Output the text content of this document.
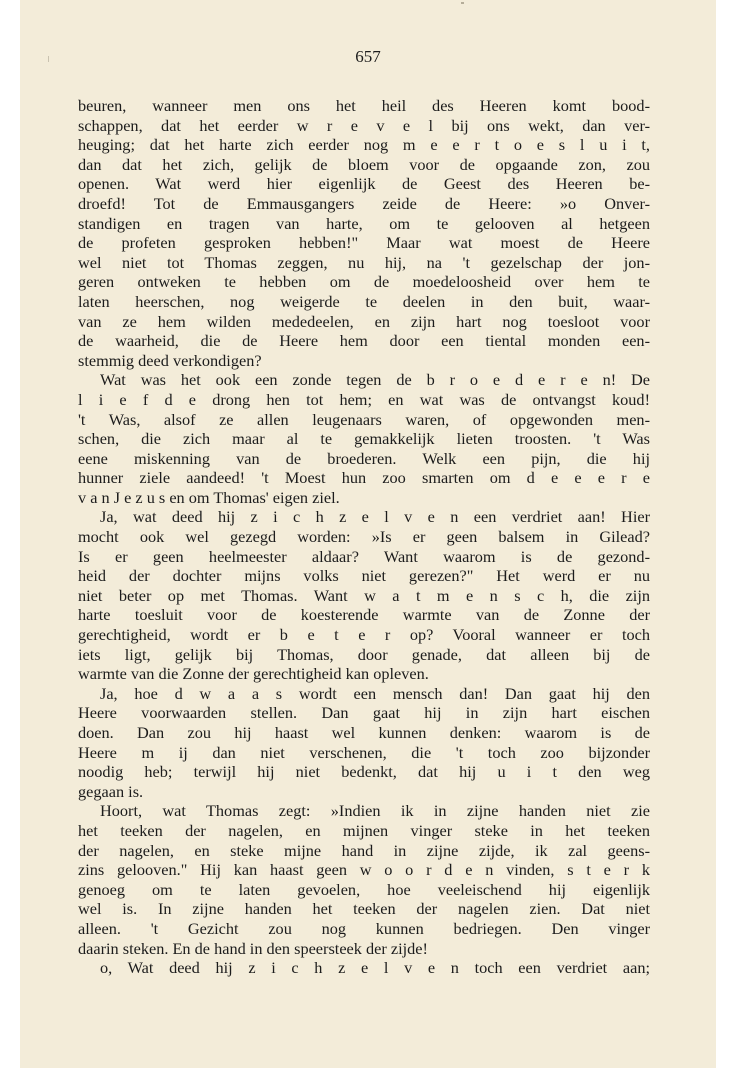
657
beuren, wanneer men ons het heil des Heeren komt bood-
schappen, dat het eerder w r e v e l bij ons wekt, dan ver-
heuging; dat het harte zich eerder nog m e e r t o e s l u i t,
dan dat het zich, gelijk de bloem voor de opgaande zon, zou
openen. Wat werd hier eigenlijk de Geest des Heeren be-
droefd! Tot de Emmausgangers zeide de Heere: »o Onver-
standigen en tragen van harte, om te gelooven al hetgeen
de profeten gesproken hebben!" Maar wat moest de Heere
wel niet tot Thomas zeggen, nu hij, na 't gezelschap der jon-
geren ontweken te hebben om de moedeloosheid over hem te
laten heerschen, nog weigerde te deelen in den buit, waar-
van ze hem wilden mededeelen, en zijn hart nog toesloot voor
de waarheid, die de Heere hem door een tiental monden een-
stemmig deed verkondigen?
Wat was het ook een zonde tegen de b r o e d e r e n! De
l i e f d e drong hen tot hem; en wat was de ontvangst koud!
't Was, alsof ze allen leugenaars waren, of opgewonden men-
schen, die zich maar al te gemakkelijk lieten troosten. 't Was
eene miskenning van de broederen. Welk een pijn, die hij
hunner ziele aandeed! 't Moest hun zoo smarten om d e e e r e
v a n J e z u s en om Thomas' eigen ziel.
Ja, wat deed hij z i c h z e l v e n een verdriet aan! Hier
mocht ook wel gezegd worden: »Is er geen balsem in Gilead?
Is er geen heelmeester aldaar? Want waarom is de gezond-
heid der dochter mijns volks niet gerezen?" Het werd er nu
niet beter op met Thomas. Want w a t m e n s c h, die zijn
harte toesluit voor de koesterende warmte van de Zonne der
gerechtigheid, wordt er b e t e r op? Vooral wanneer er toch
iets ligt, gelijk bij Thomas, door genade, dat alleen bij de
warmte van die Zonne der gerechtigheid kan opleven.
Ja, hoe d w a a s wordt een mensch dan! Dan gaat hij den
Heere voorwaarden stellen. Dan gaat hij in zijn hart eischen
doen. Dan zou hij haast wel kunnen denken: waarom is de
Heere m ij dan niet verschenen, die 't toch zoo bijzonder
noodig heb; terwijl hij niet bedenkt, dat hij u i t den weg
gegaan is.
Hoort, wat Thomas zegt: »Indien ik in zijne handen niet zie
het teeken der nagelen, en mijnen vinger steke in het teeken
der nagelen, en steke mijne hand in zijne zijde, ik zal geens-
zins gelooven." Hij kan haast geen w o o r d e n vinden, s t e r k
genoeg om te laten gevoelen, hoe veeleischend hij eigenlijk
wel is. In zijne handen het teeken der nagelen zien. Dat niet
alleen. 't Gezicht zou nog kunnen bedriegen. Den vinger
daarin steken. En de hand in den speersteek der zijde!
o, Wat deed hij z i c h z e l v e n toch een verdriet aan;
